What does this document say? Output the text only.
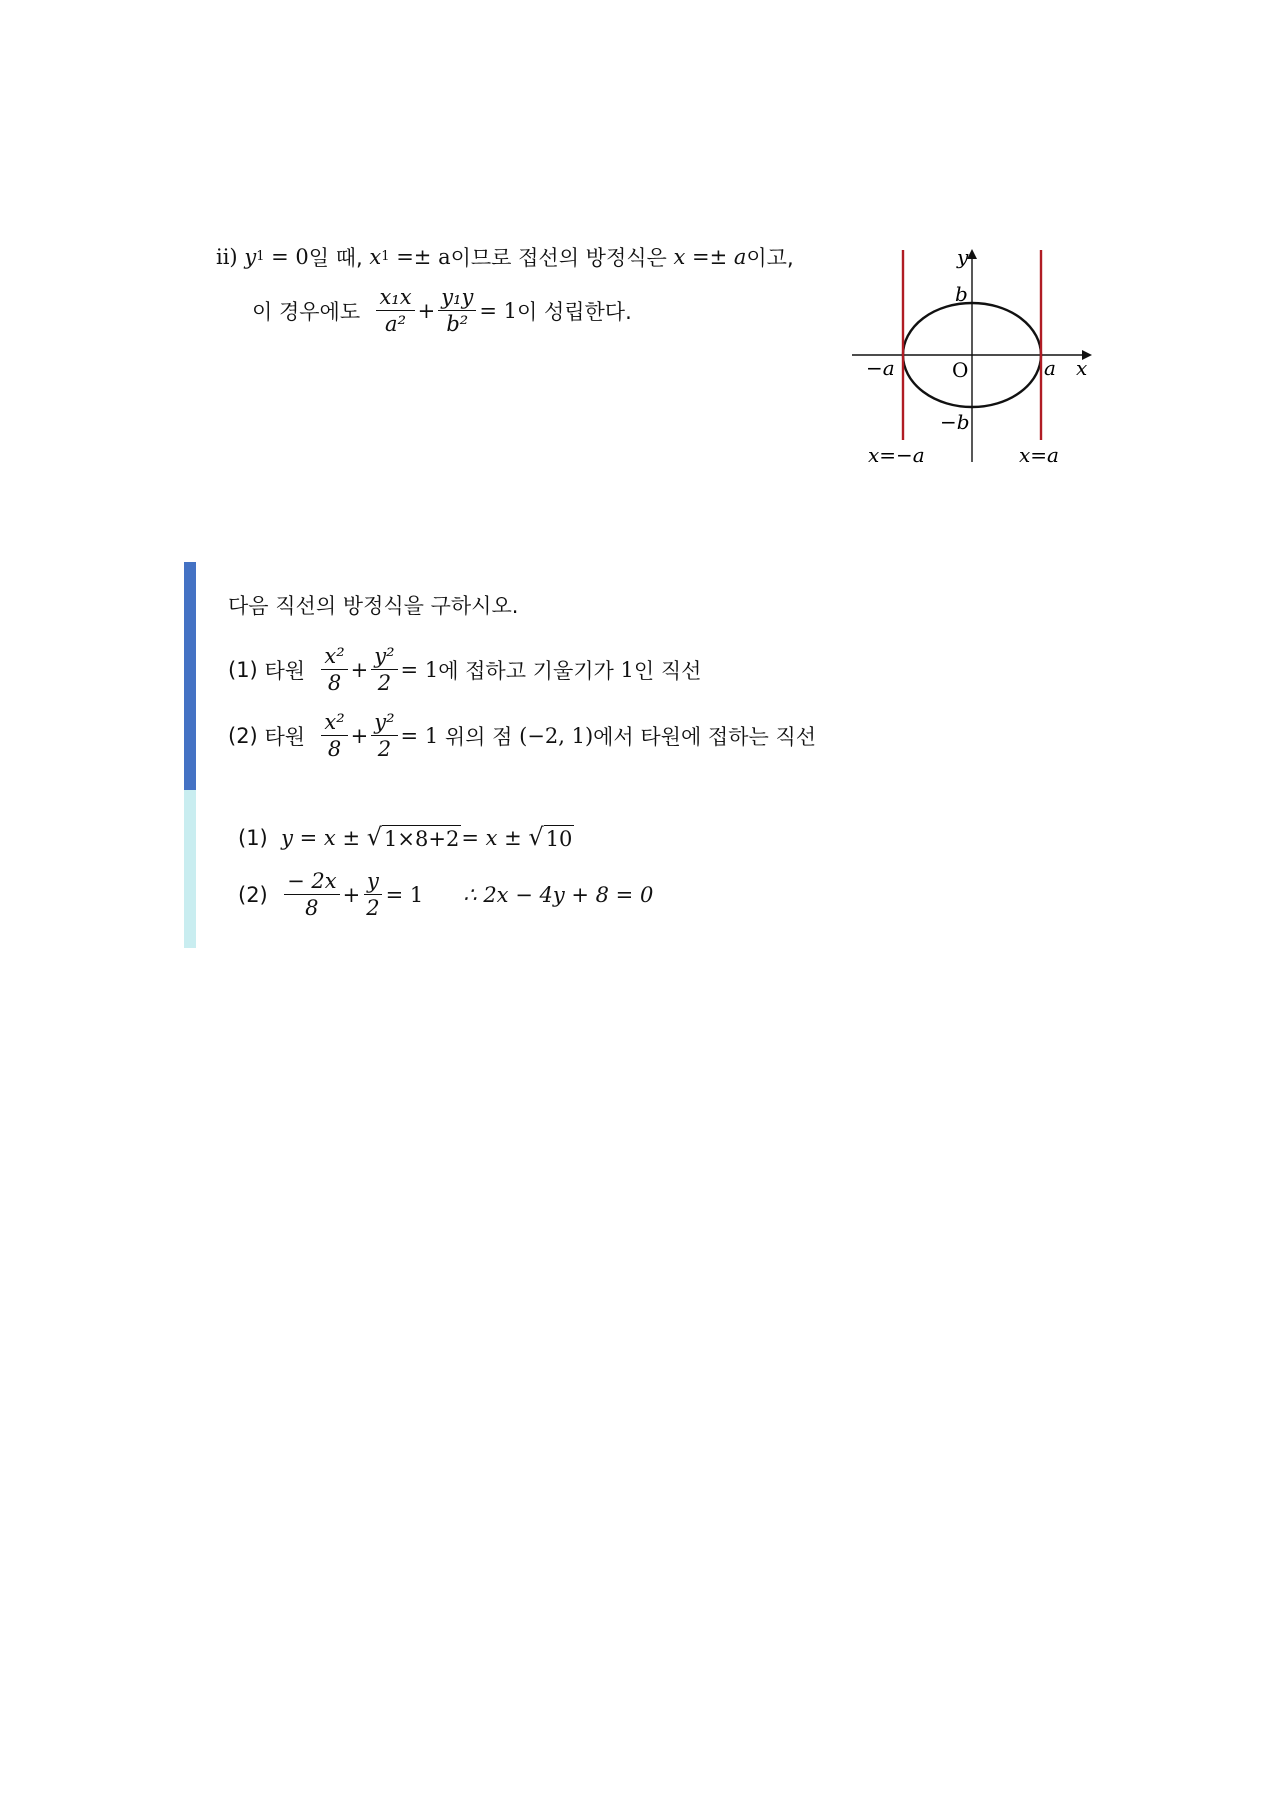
ii)
y 1 = 0 일 때, x 1 =± a 이므로 접선의 방정식은 x =± a 이고,
이 경우에도
$\frac{\text{x₁x}}{\text{a²}} + \frac{\text{y₁y}}{\text{b²}} = 1$ 이 성립한다.
y
b
−a	O	a x
−b
x=−a	x=a
다음 직선의 방정식을 구하시오.
(1)
타원
$\frac{\text{x²}}{8} + \frac{\text{y²}}{2} = 1$ 에 접하고 기울기가 1 인 직선
(2)
타원
$\frac{\text{x²}}{8} + \frac{\text{y²}}{2} = 1$ 위의 점 (−2, 1) 에서 타원에 접하는 직선
(1)
y = x ±
√ 1×8+2 = x ±
√ 10
(2)
$\frac{- 2x}{8} + \frac{y}{2} = 1$
∴ 2x − 4y + 8 = 0
